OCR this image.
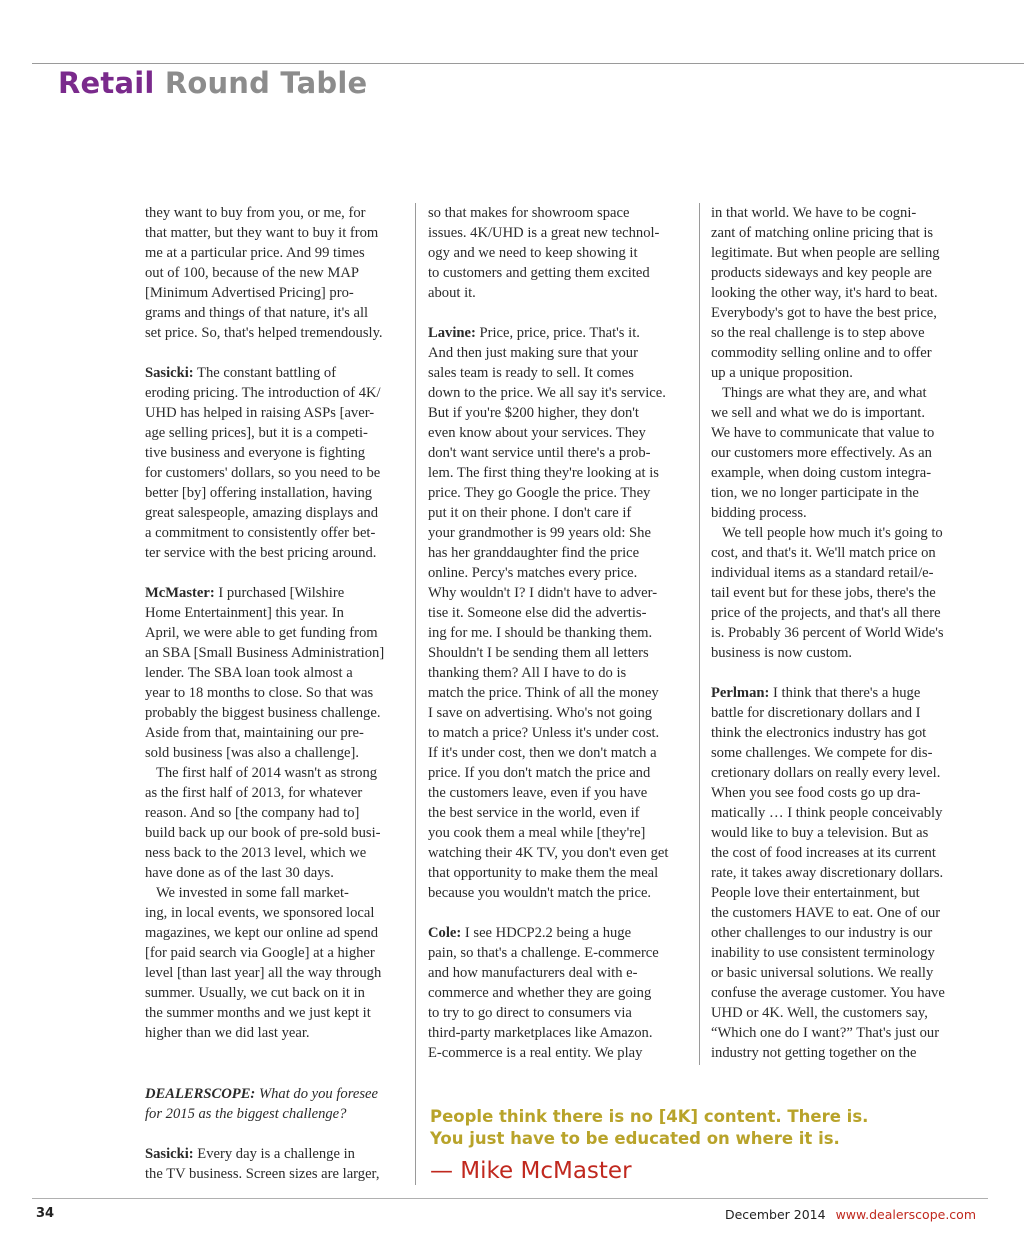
Retail Round Table
they want to buy from you, or me, for
that matter, but they want to buy it from
me at a particular price. And 99 times
out of 100, because of the new MAP
[Minimum Advertised Pricing] pro-
grams and things of that nature, it's all
set price. So, that's helped tremendously.
Sasicki: The constant battling of
eroding pricing. The introduction of 4K/
UHD has helped in raising ASPs [aver-
age selling prices], but it is a competi-
tive business and everyone is fighting
for customers' dollars, so you need to be
better [by] offering installation, having
great salespeople, amazing displays and
a commitment to consistently offer bet-
ter service with the best pricing around.
McMaster: I purchased [Wilshire
Home Entertainment] this year. In
April, we were able to get funding from
an SBA [Small Business Administration]
lender. The SBA loan took almost a
year to 18 months to close. So that was
probably the biggest business challenge.
Aside from that, maintaining our pre-
sold business [was also a challenge].
The first half of 2014 wasn't as strong
as the first half of 2013, for whatever
reason. And so [the company had to]
build back up our book of pre-sold busi-
ness back to the 2013 level, which we
have done as of the last 30 days.
We invested in some fall market-
ing, in local events, we sponsored local
magazines, we kept our online ad spend
[for paid search via Google] at a higher
level [than last year] all the way through
summer. Usually, we cut back on it in
the summer months and we just kept it
higher than we did last year.
so that makes for showroom space
issues. 4K/UHD is a great new technol-
ogy and we need to keep showing it
to customers and getting them excited
about it.
Lavine: Price, price, price. That's it.
And then just making sure that your
sales team is ready to sell. It comes
down to the price. We all say it's service.
But if you're $200 higher, they don't
even know about your services. They
don't want service until there's a prob-
lem. The first thing they're looking at is
price. They go Google the price. They
put it on their phone. I don't care if
your grandmother is 99 years old: She
has her granddaughter find the price
online. Percy's matches every price.
Why wouldn't I? I didn't have to adver-
tise it. Someone else did the advertis-
ing for me. I should be thanking them.
Shouldn't I be sending them all letters
thanking them? All I have to do is
match the price. Think of all the money
I save on advertising. Who's not going
to match a price? Unless it's under cost.
If it's under cost, then we don't match a
price. If you don't match the price and
the customers leave, even if you have
the best service in the world, even if
you cook them a meal while [they're]
watching their 4K TV, you don't even get
that opportunity to make them the meal
because you wouldn't match the price.
Cole: I see HDCP2.2 being a huge
pain, so that's a challenge. E-commerce
and how manufacturers deal with e-
commerce and whether they are going
to try to go direct to consumers via
third-party marketplaces like Amazon.
E-commerce is a real entity. We play
in that world. We have to be cogni-
zant of matching online pricing that is
legitimate. But when people are selling
products sideways and key people are
looking the other way, it's hard to beat.
Everybody's got to have the best price,
so the real challenge is to step above
commodity selling online and to offer
up a unique proposition.
Things are what they are, and what
we sell and what we do is important.
We have to communicate that value to
our customers more effectively. As an
example, when doing custom integra-
tion, we no longer participate in the
bidding process.
We tell people how much it's going to
cost, and that's it. We'll match price on
individual items as a standard retail/e-
tail event but for these jobs, there's the
price of the projects, and that's all there
is. Probably 36 percent of World Wide's
business is now custom.
Perlman: I think that there's a huge
battle for discretionary dollars and I
think the electronics industry has got
some challenges. We compete for dis-
cretionary dollars on really every level.
When you see food costs go up dra-
matically … I think people conceivably
would like to buy a television. But as
the cost of food increases at its current
rate, it takes away discretionary dollars.
People love their entertainment, but
the customers HAVE to eat. One of our
other challenges to our industry is our
inability to use consistent terminology
or basic universal solutions. We really
confuse the average customer. You have
UHD or 4K. Well, the customers say,
“Which one do I want?” That's just our
industry not getting together on the
DEALERSCOPE: What do you foresee
for 2015 as the biggest challenge?
Sasicki: Every day is a challenge in
the TV business. Screen sizes are larger,
People think there is no [4K] content. There is.
You just have to be educated on where it is.
— Mike McMaster
34	December 2014 www.dealerscope.com
